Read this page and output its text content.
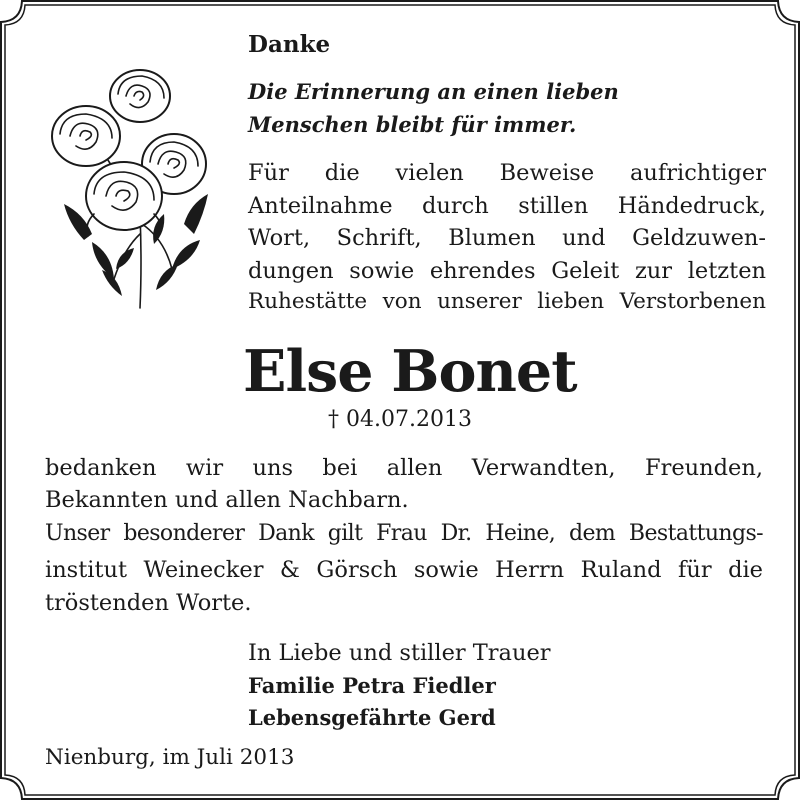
Danke

Die Erinnerung an einen lieben

Menschen bleibt für immer.

Für die vielen Beweise aufrichtiger

Anteilnahme durch stillen Händedruck,

Wort, Schrift, Blumen und Geldzuwen-

dungen sowie ehrendes Geleit zur letzten

Ruhestätte von unserer lieben Verstorbenen

Else Bonet

† 04.07.2013

bedanken wir uns bei allen Verwandten, Freunden,

Bekannten und allen Nachbarn.

Unser besonderer Dank gilt Frau Dr. Heine, dem Bestattungs-

institut Weinecker & Görsch sowie Herrn Ruland für die

tröstenden Worte.

In Liebe und stiller Trauer

Familie Petra Fiedler

Lebensgefährte Gerd

Nienburg, im Juli 2013
